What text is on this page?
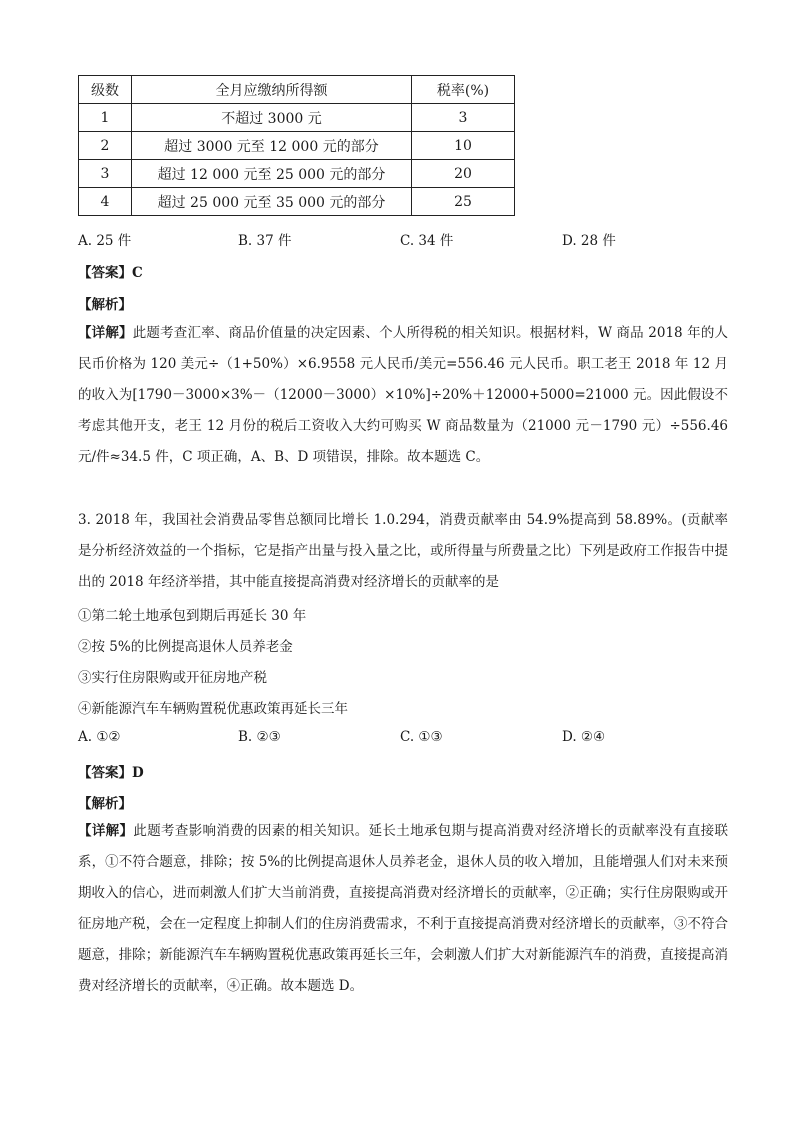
级数	全月应缴纳所得额	税率(%)
1	不超过 3000 元	3
2	超过 3000 元至 12 000 元的部分	10
3	超过 12 000 元至 25 000 元的部分	20
4	超过 25 000 元至 35 000 元的部分	25
A. 25 件	B. 37 件	C. 34 件	D. 28 件
【答案】C
【解析】
【详解】此题考查汇率、商品价值量的决定因素、个人所得税的相关知识。根据材料，W 商品 2018 年的人民币价格为 120 美元÷（1+50%）×6.9558 元人民币/美元=556.46 元人民币。职工老王 2018 年 12 月的收入为[1790－3000×3%－（12000－3000）×10%]÷20%＋12000+5000=21000 元。因此假设不考虑其他开支，老王 12 月份的税后工资收入大约可购买 W 商品数量为（21000 元－1790 元）÷556.46 元/件≈34.5 件，C 项正确，A、B、D 项错误，排除。故本题选 C。
3. 2018 年，我国社会消费品零售总额同比增长 1.0.294，消费贡献率由 54.9%提高到 58.89%。(贡献率是分析经济效益的一个指标，它是指产出量与投入量之比，或所得量与所费量之比）下列是政府工作报告中提出的 2018 年经济举措，其中能直接提高消费对经济增长的贡献率的是
①第二轮土地承包到期后再延长 30 年
②按 5%的比例提高退休人员养老金
③实行住房限购或开征房地产税
④新能源汽车车辆购置税优惠政策再延长三年
A. ①②	B. ②③	C. ①③	D. ②④
【答案】D
【解析】
【详解】此题考查影响消费的因素的相关知识。延长土地承包期与提高消费对经济增长的贡献率没有直接联系，①不符合题意，排除；按 5%的比例提高退休人员养老金，退休人员的收入增加，且能增强人们对未来预期收入的信心，进而刺激人们扩大当前消费，直接提高消费对经济增长的贡献率，②正确；实行住房限购或开征房地产税，会在一定程度上抑制人们的住房消费需求，不利于直接提高消费对经济增长的贡献率，③不符合题意，排除；新能源汽车车辆购置税优惠政策再延长三年，会刺激人们扩大对新能源汽车的消费，直接提高消费对经济增长的贡献率，④正确。故本题选 D。
